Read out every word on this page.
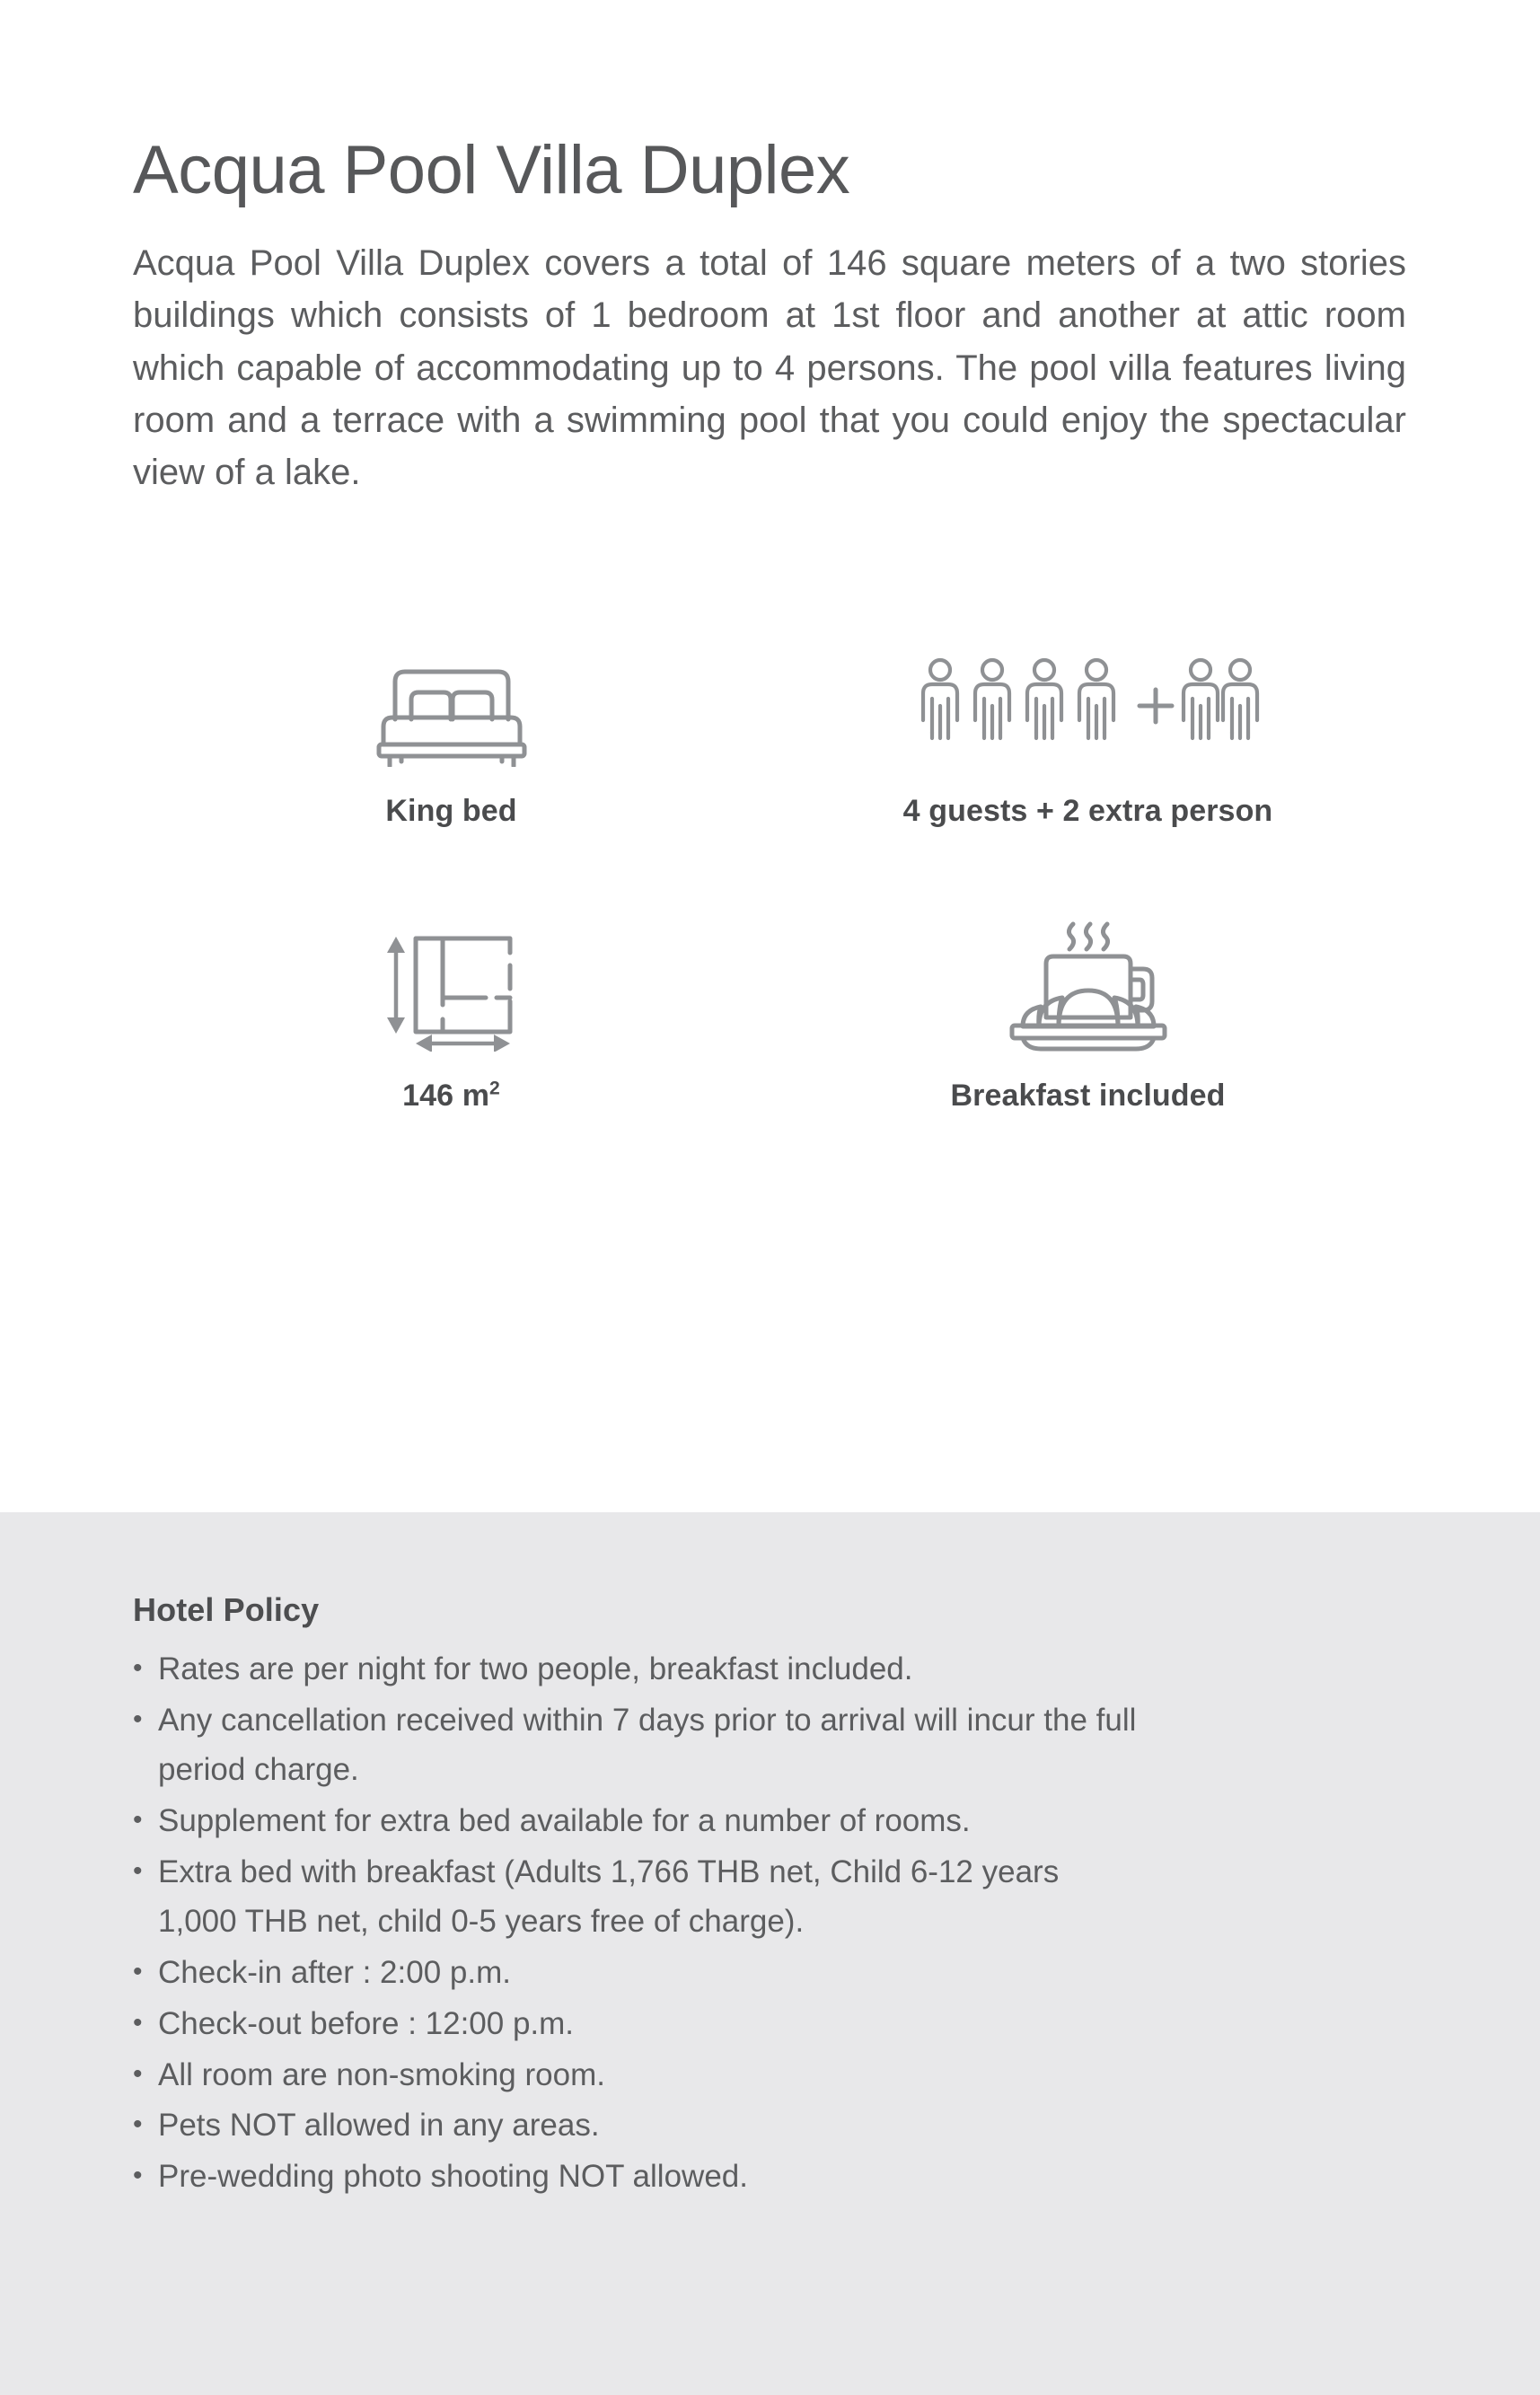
Acqua Pool Villa Duplex

Acqua Pool Villa Duplex covers a total of 146 square meters of a two stories buildings which consists of 1 bedroom at 1st floor and another at attic room which capable of accommodating up to 4 persons. The pool villa features living room and a terrace with a swimming pool that you could enjoy the spectacular view of a lake.

King bed	4 guests + 2 extra person
146 $m^2$	Breakfast included
Hotel Policy
• Rates are per night for two people, breakfast included.
• Any cancellation received within 7 days prior to arrival will incur the full
period charge.
• Supplement for extra bed available for a number of rooms.
• Extra bed with breakfast (Adults 1,766 THB net, Child 6-12 years
1,000 THB net, child 0-5 years free of charge).
• Check-in after : 2:00 p.m.
• Check-out before : 12:00 p.m.
• All room are non-smoking room.
• Pets NOT allowed in any areas.
• Pre-wedding photo shooting NOT allowed.
